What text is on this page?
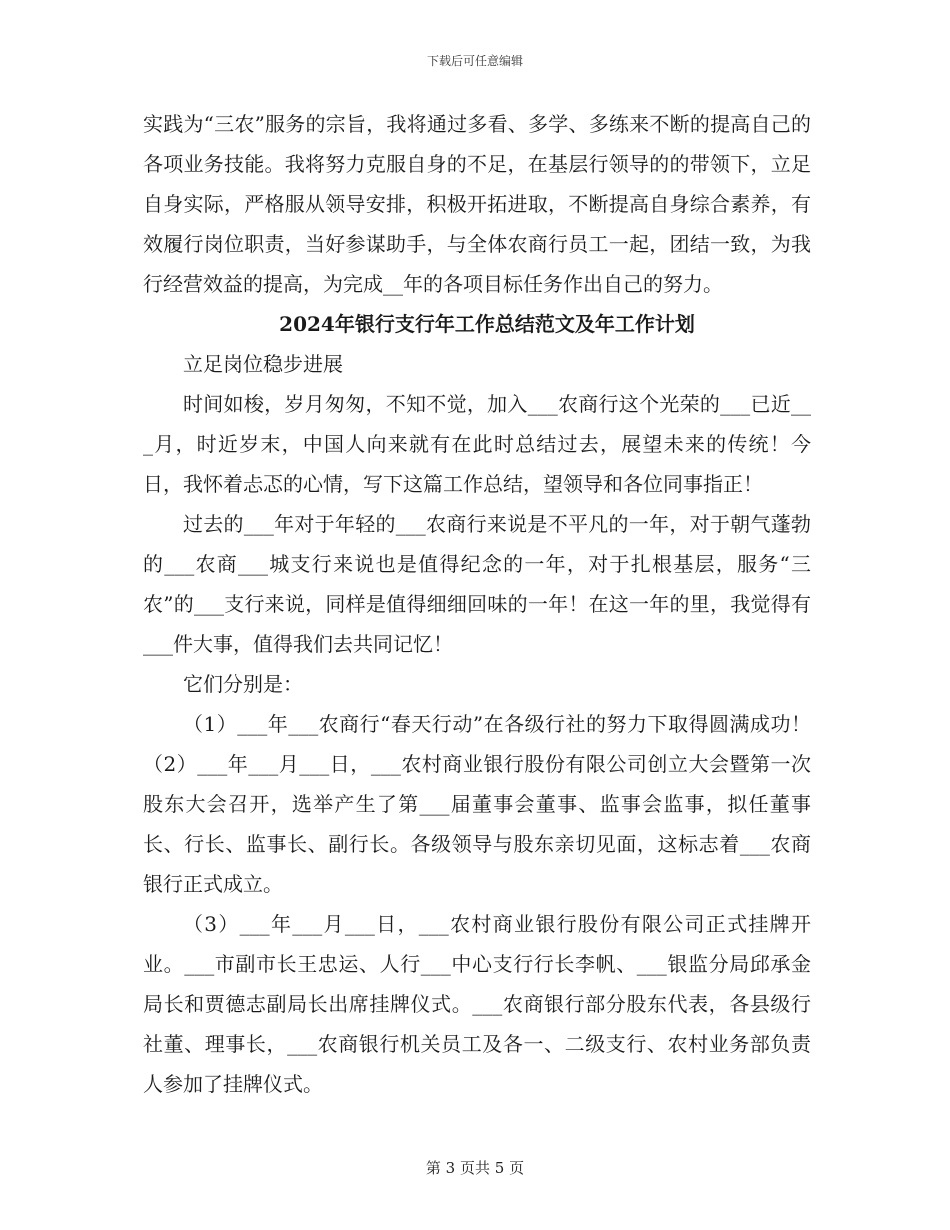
下载后可任意编辑

实践为“三农”服务的宗旨，我将通过多看、多学、多练来不断的提高自己的各项业务技能。我将努力克服自身的不足，在基层行领导的的带领下，立足自身实际，严格服从领导安排，积极开拓进取，不断提高自身综合素养，有效履行岗位职责，当好参谋助手，与全体农商行员工一起，团结一致，为我行经营效益的提高，为完成__年的各项目标任务作出自己的努力。

2024年银行支行年工作总结范文及年工作计划

立足岗位稳步进展

时间如梭，岁月匆匆，不知不觉，加入___农商行这个光荣的___已近___月，时近岁末，中国人向来就有在此时总结过去，展望未来的传统！今日，我怀着忐忑的心情，写下这篇工作总结，望领导和各位同事指正！

过去的___年对于年轻的___农商行来说是不平凡的一年，对于朝气蓬勃的___农商___城支行来说也是值得纪念的一年，对于扎根基层，服务“三农”的___支行来说，同样是值得细细回味的一年！在这一年的里，我觉得有___件大事，值得我们去共同记忆！

它们分别是：

（1）___年___农商行“春天行动”在各级行社的努力下取得圆满成功！（2）___年___月___日，___农村商业银行股份有限公司创立大会暨第一次股东大会召开，选举产生了第___届董事会董事、监事会监事，拟任董事长、行长、监事长、副行长。各级领导与股东亲切见面，这标志着___农商银行正式成立。

（3）___年___月___日，___农村商业银行股份有限公司正式挂牌开业。___市副市长王忠运、人行___中心支行行长李帆、___银监分局邱承金局长和贾德志副局长出席挂牌仪式。___农商银行部分股东代表，各县级行社董、理事长，___农商银行机关员工及各一、二级支行、农村业务部负责人参加了挂牌仪式。

第 3 页共 5 页
